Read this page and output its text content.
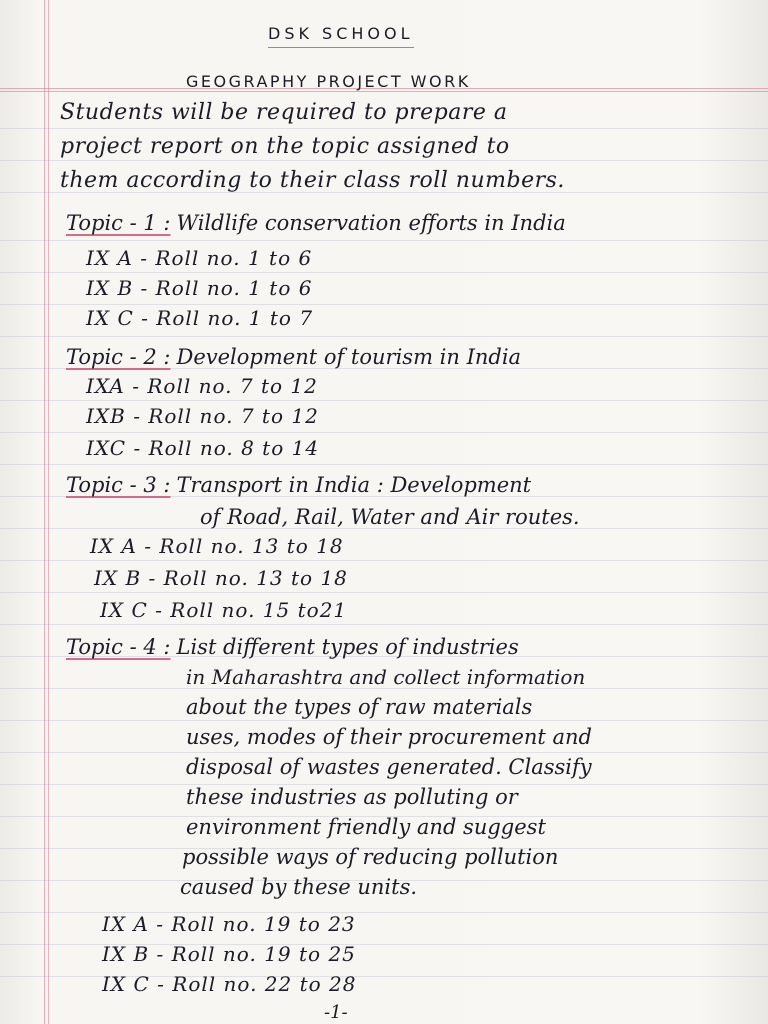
DSK SCHOOL
GEOGRAPHY PROJECT WORK
Students will be required to prepare a
project report on the topic assigned to
them according to their class roll numbers.
Topic - 1 : Wildlife conservation efforts in India
IX A - Roll no. 1 to 6
IX B - Roll no. 1 to 6
IX C - Roll no. 1 to 7
Topic - 2 : Development of tourism in India
IXA - Roll no. 7 to 12
IXB - Roll no. 7 to 12
IXC - Roll no. 8 to 14
Topic - 3 : Transport in India : Development
of Road, Rail, Water and Air routes.
IX A - Roll no. 13 to 18
IX B - Roll no. 13 to 18
IX C - Roll no. 15 to21
Topic - 4 : List different types of industries
in Maharashtra and collect information
about the types of raw materials
uses, modes of their procurement and
disposal of wastes generated. Classify
these industries as polluting or
environment friendly and suggest
possible ways of reducing pollution
caused by these units.
IX A - Roll no. 19 to 23
IX B - Roll no. 19 to 25
IX C - Roll no. 22 to 28
-1-
